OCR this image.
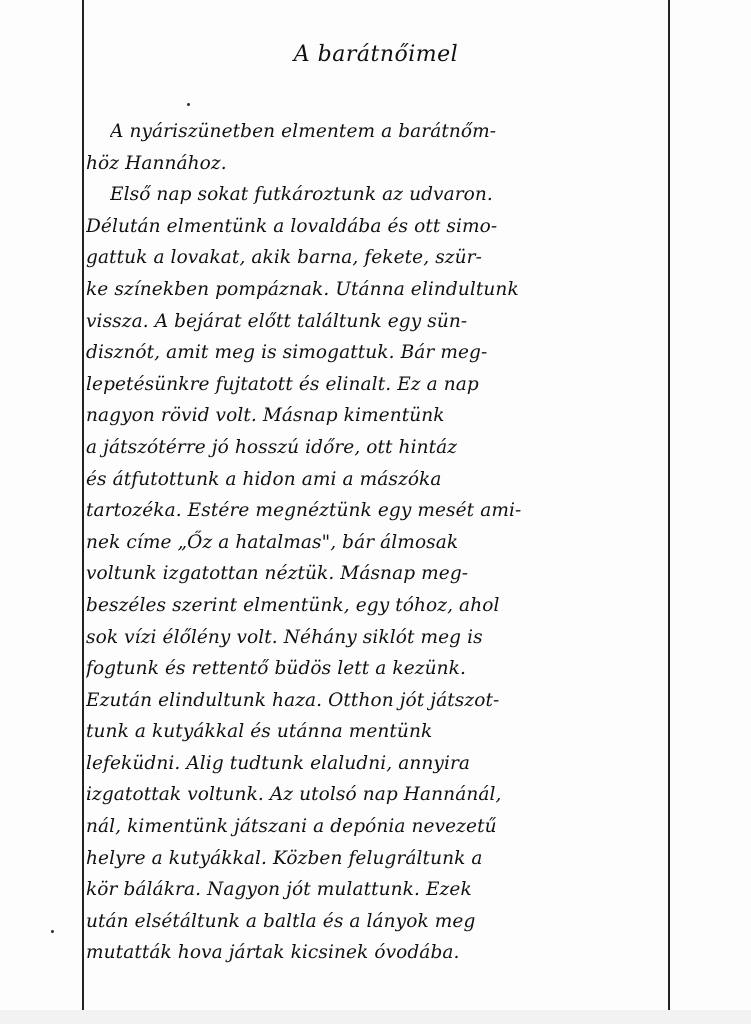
A barátnőimel
A nyáriszünetben elmentem a barátnőm-
höz Hannához.
Első nap sokat futkároztunk az udvaron.
Délután elmentünk a lovaldába és ott simo-
gattuk a lovakat, akik barna, fekete, szür-
ke színekben pompáznak. Utánna elindultunk
vissza. A bejárat előtt találtunk egy sün-
disznót, amit meg is simogattuk. Bár meg-
lepetésünkre fujtatott és elinalt. Ez a nap
nagyon rövid volt. Másnap kimentünk
a játszótérre jó hosszú időre, ott hintáz
és átfutottunk a hidon ami a mászóka
tartozéka. Estére megnéztünk egy mesét ami-
nek címe „Őz a hatalmas", bár álmosak
voltunk izgatottan néztük. Másnap meg-
beszéles szerint elmentünk, egy tóhoz, ahol
sok vízi élőlény volt. Néhány siklót meg is
fogtunk és rettentő büdös lett a kezünk.
Ezután elindultunk haza. Otthon jót játszot-
tunk a kutyákkal és utánna mentünk
lefeküdni. Alig tudtunk elaludni, annyira
izgatottak voltunk. Az utolsó nap Hannánál,
nál, kimentünk játszani a depónia nevezetű
helyre a kutyákkal. Közben felugráltunk a
kör bálákra. Nagyon jót mulattunk. Ezek
után elsétáltunk a baltla és a lányok meg
mutatták hova jártak kicsinek óvodába.
